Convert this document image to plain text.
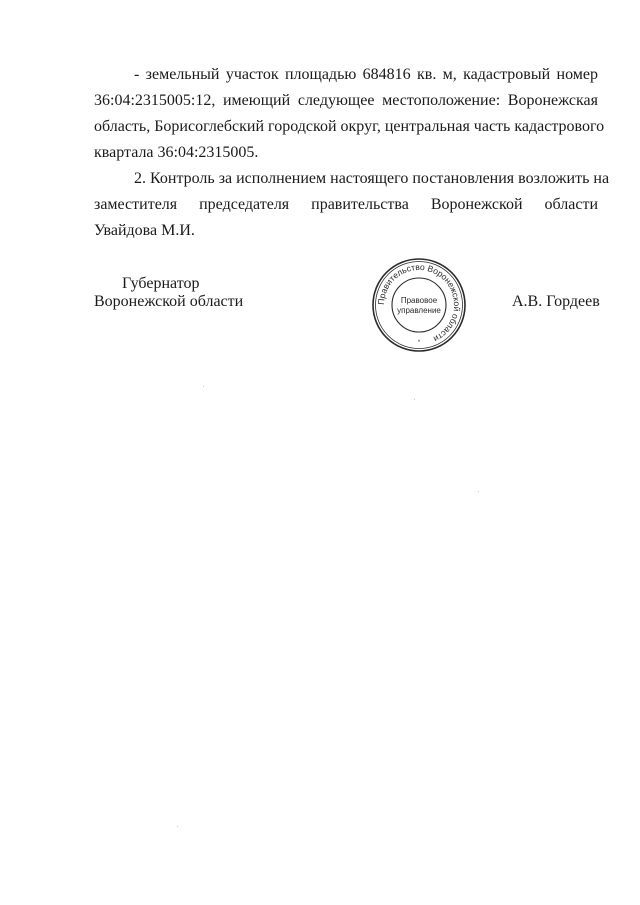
- земельный участок площадью 684816 кв. м, кадастровый номер
36:04:2315005:12, имеющий следующее местоположение: Воронежская
область, Борисоглебский городской округ, центральная часть кадастрового
квартала 36:04:2315005.
2. Контроль за исполнением настоящего постановления возложить на
заместителя председателя правительства Воронежской области
Увайдова М.И.
Губернатор
Воронежской области	А.В. Гордеев
Правительство Воронежской области
Правовое
управление
*
